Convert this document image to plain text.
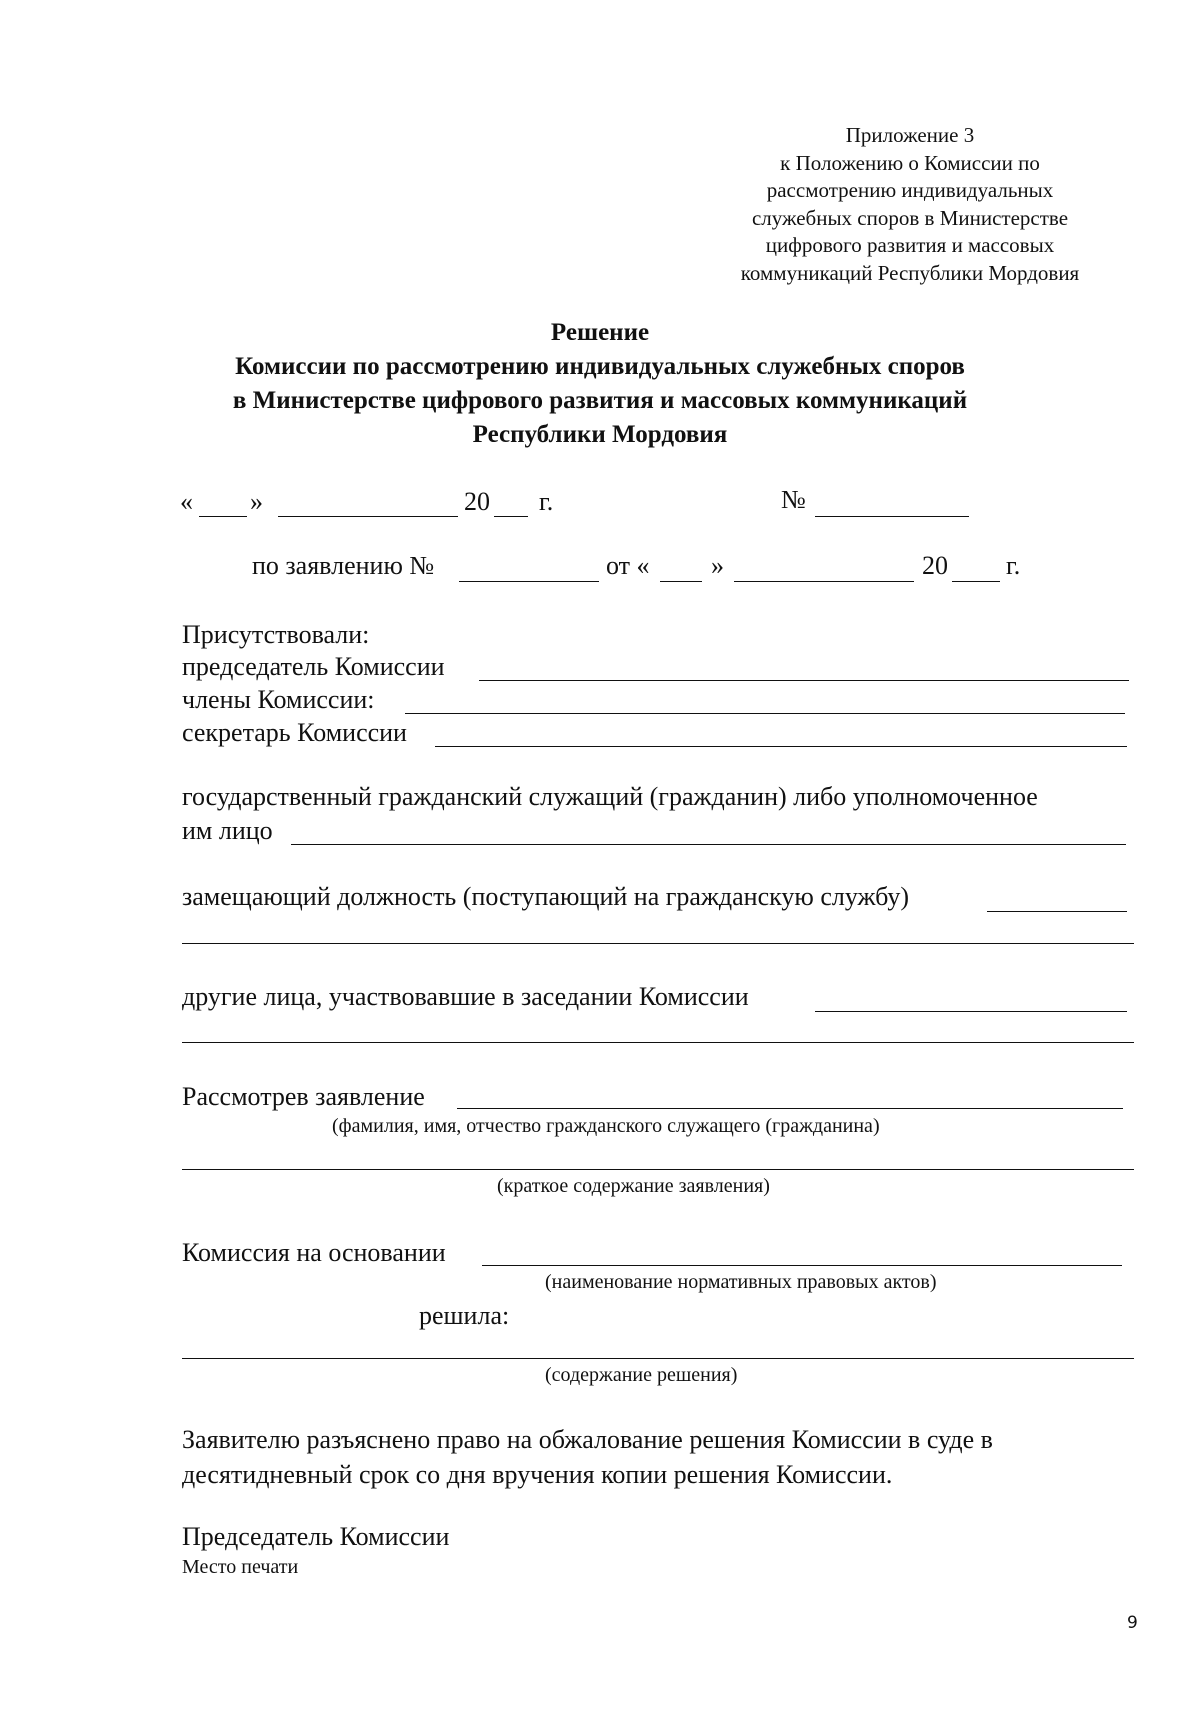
Приложение 3
к Положению о Комиссии по
рассмотрению индивидуальных
служебных споров в Министерстве
цифрового развития и массовых
коммуникаций Республики Мордовия
Решение
Комиссии по рассмотрению индивидуальных служебных споров
в Министерстве цифрового развития и массовых коммуникаций
Республики Мордовия
« »	20 г.	№
по заявлению №	от « »	20 г.
Присутствовали:
председатель Комиссии
члены Комиссии:
секретарь Комиссии
государственный гражданский служащий (гражданин) либо уполномоченное
им лицо
замещающий должность (поступающий на гражданскую службу)
другие лица, участвовавшие в заседании Комиссии
Рассмотрев заявление
(фамилия, имя, отчество гражданского служащего (гражданина)
(краткое содержание заявления)
Комиссия на основании
(наименование нормативных правовых актов)
решила:
(содержание решения)
Заявителю разъяснено право на обжалование решения Комиссии в суде в
десятидневный срок со дня вручения копии решения Комиссии.
Председатель Комиссии
Место печати
9
